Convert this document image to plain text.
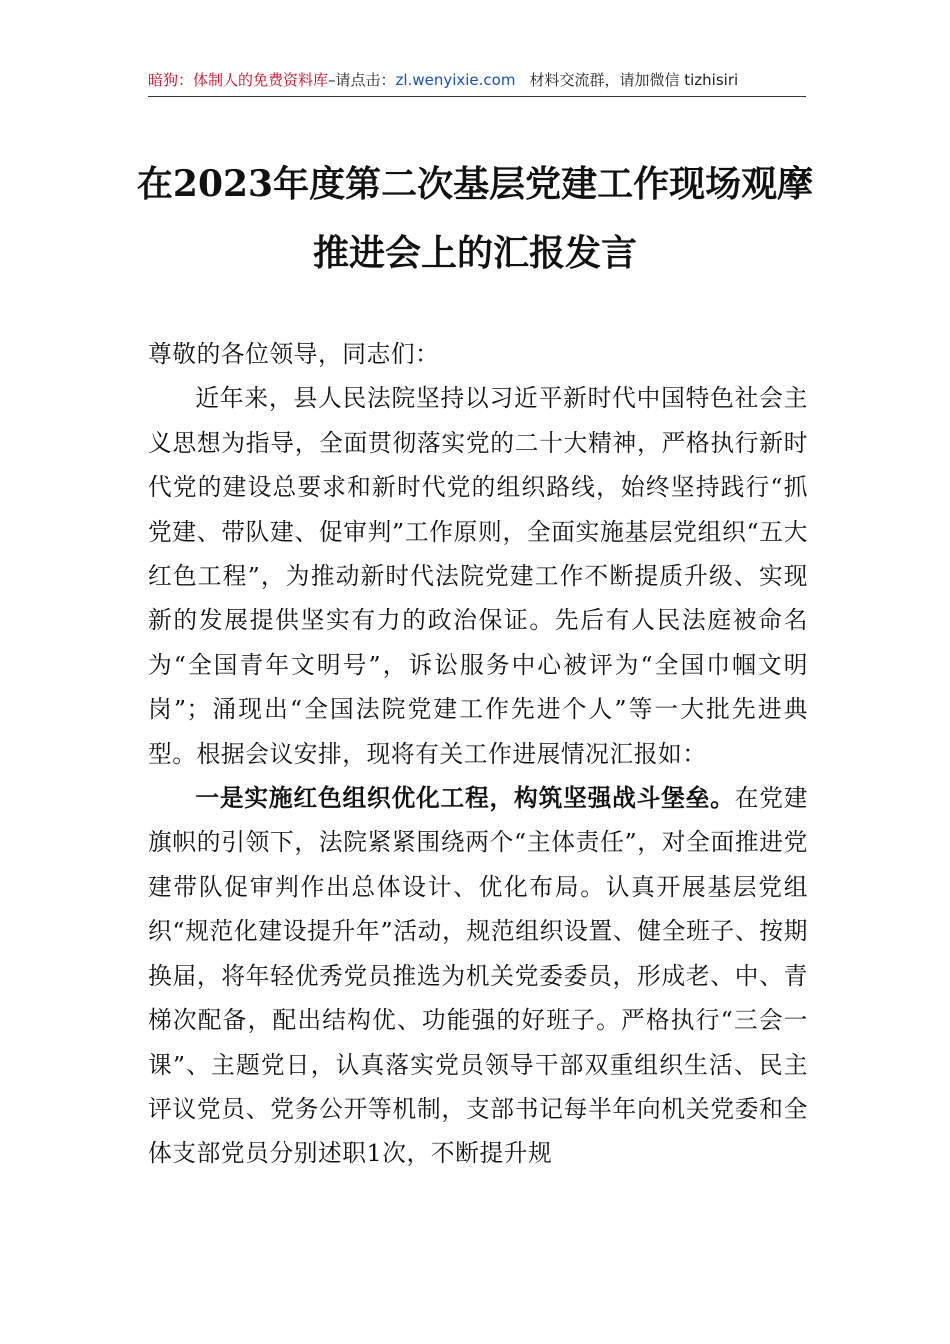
暗狗：体制人的免费资料库–请点击：zl.wenyixie.com 材料交流群，请加微信 tizhisiri
在2023年度第二次基层党建工作现场观摩
推进会上的汇报发言

尊敬的各位领导，同志们：

近年来，县人民法院坚持以习近平新时代中国特色社会主义思想为指导，全面贯彻落实党的二十大精神，严格执行新时代党的建设总要求和新时代党的组织路线，始终坚持践行“抓党建、带队建、促审判”工作原则，全面实施基层党组织“五大红色工程”，为推动新时代法院党建工作不断提质升级、实现新的发展提供坚实有力的政治保证。先后有人民法庭被命名为“全国青年文明号”，诉讼服务中心被评为“全国巾帼文明岗”；涌现出“全国法院党建工作先进个人”等一大批先进典型。根据会议安排，现将有关工作进展情况汇报如：

一是实施红色组织优化工程，构筑坚强战斗堡垒。在党建旗帜的引领下，法院紧紧围绕两个“主体责任”，对全面推进党建带队促审判作出总体设计、优化布局。认真开展基层党组织“规范化建设提升年”活动，规范组织设置、健全班子、按期换届，将年轻优秀党员推选为机关党委委员，形成老、中、青梯次配备，配出结构优、功能强的好班子。严格执行“三会一课”、主题党日，认真落实党员领导干部双重组织生活、民主评议党员、党务公开等机制，支部书记每半年向机关党委和全体支部党员分别述职1次，不断提升规
